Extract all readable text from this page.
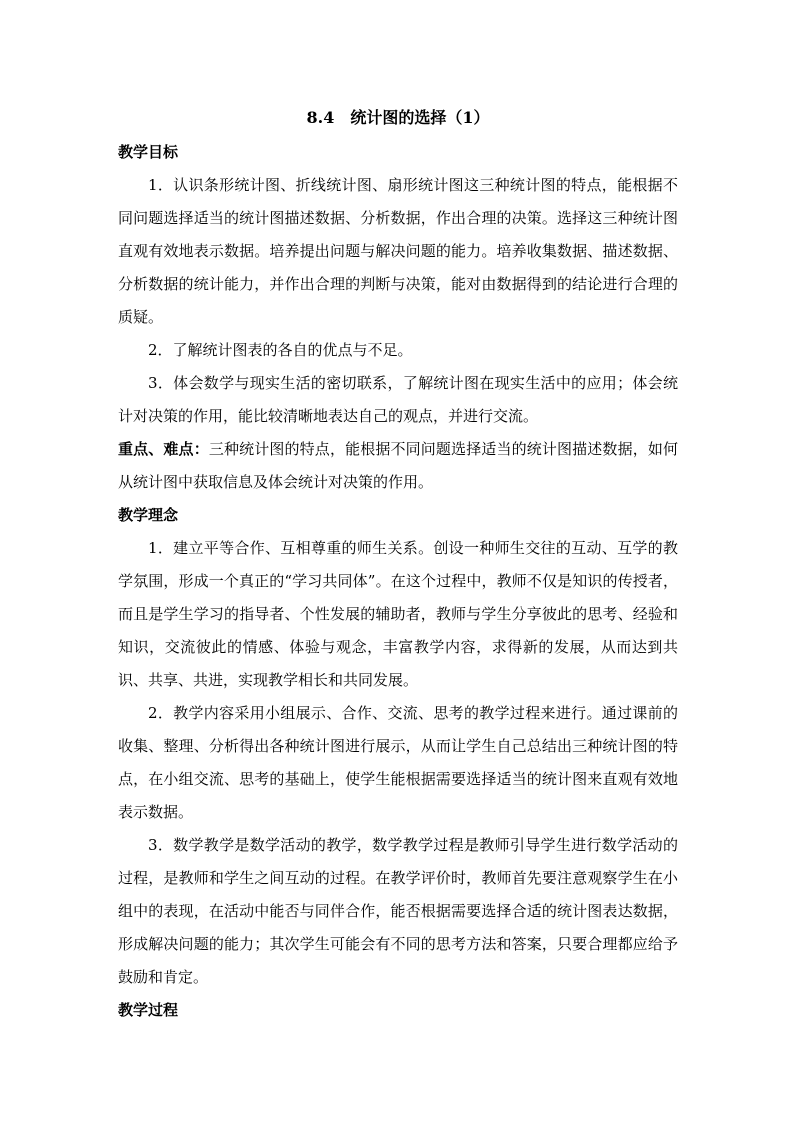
8.4　统计图的选择（1）
教学目标

1．认识条形统计图、折线统计图、扇形统计图这三种统计图的特点，能根据不同问题选择适当的统计图描述数据、分析数据，作出合理的决策。选择这三种统计图直观有效地表示数据。培养提出问题与解决问题的能力。培养收集数据、描述数据、分析数据的统计能力，并作出合理的判断与决策，能对由数据得到的结论进行合理的质疑。

2．了解统计图表的各自的优点与不足。

3．体会数学与现实生活的密切联系，了解统计图在现实生活中的应用；体会统计对决策的作用，能比较清晰地表达自己的观点，并进行交流。

重点、难点：三种统计图的特点，能根据不同问题选择适当的统计图描述数据，如何从统计图中获取信息及体会统计对决策的作用。

教学理念

1．建立平等合作、互相尊重的师生关系。创设一种师生交往的互动、互学的教学氛围，形成一个真正的“学习共同体”。在这个过程中，教师不仅是知识的传授者，而且是学生学习的指导者、个性发展的辅助者，教师与学生分享彼此的思考、经验和知识，交流彼此的情感、体验与观念，丰富教学内容，求得新的发展，从而达到共识、共享、共进，实现教学相长和共同发展。

2．教学内容采用小组展示、合作、交流、思考的教学过程来进行。通过课前的收集、整理、分析得出各种统计图进行展示，从而让学生自己总结出三种统计图的特点，在小组交流、思考的基础上，使学生能根据需要选择适当的统计图来直观有效地表示数据。

3．数学教学是数学活动的教学，数学教学过程是教师引导学生进行数学活动的过程，是教师和学生之间互动的过程。在教学评价时，教师首先要注意观察学生在小组中的表现，在活动中能否与同伴合作，能否根据需要选择合适的统计图表达数据，形成解决问题的能力；其次学生可能会有不同的思考方法和答案，只要合理都应给予鼓励和肯定。

教学过程
